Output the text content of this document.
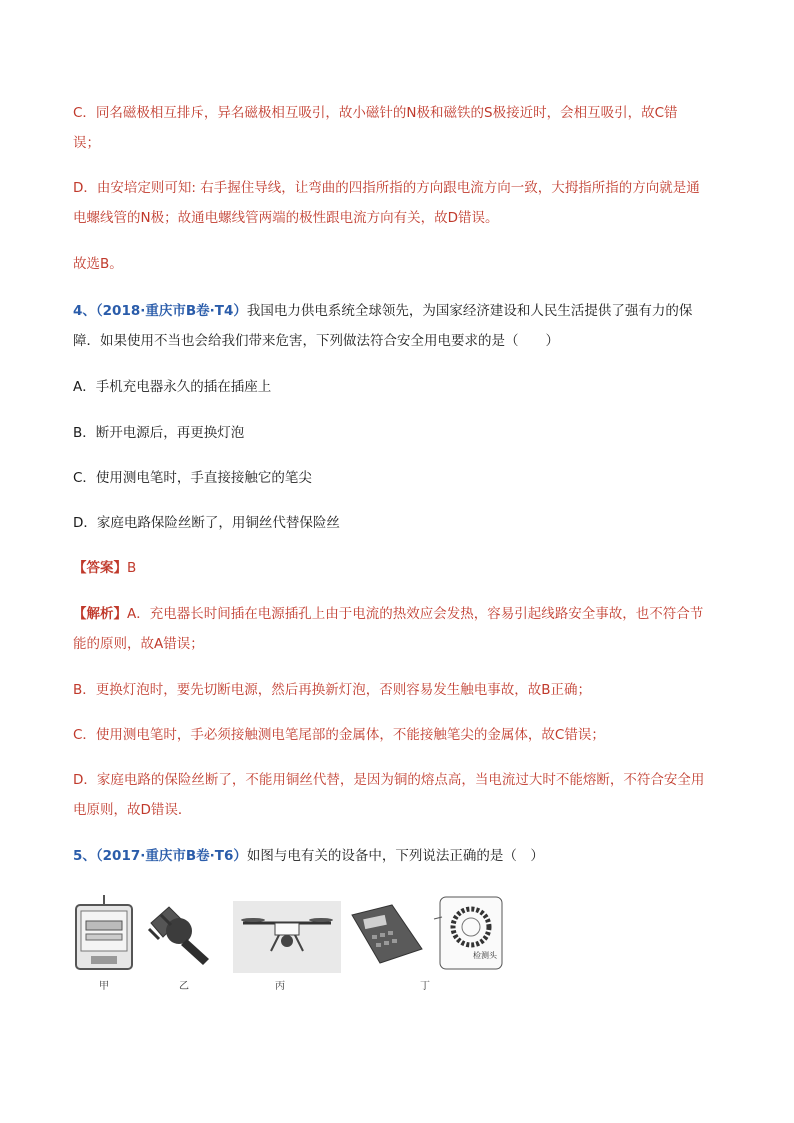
C．同名磁极相互排斥，异名磁极相互吸引，故小磁针的N极和磁铁的S极接近时，会相互吸引，故C错
误；

D．由安培定则可知: 右手握住导线，让弯曲的四指所指的方向跟电流方向一致，大拇指所指的方向就是通
电螺线管的N极；故通电螺线管两端的极性跟电流方向有关，故D错误。

故选B。

4、（2018·重庆市B卷·T4）我国电力供电系统全球领先，为国家经济建设和人民生活提供了强有力的保
障．如果使用不当也会给我们带来危害，下列做法符合安全用电要求的是（　　）

A．手机充电器永久的插在插座上

B．断开电源后，再更换灯泡

C．使用测电笔时，手直接接触它的笔尖

D．家庭电路保险丝断了，用铜丝代替保险丝

【答案】B

【解析】A．充电器长时间插在电源插孔上由于电流的热效应会发热，容易引起线路安全事故，也不符合节
能的原则，故A错误；

B．更换灯泡时，要先切断电源，然后再换新灯泡，否则容易发生触电事故，故B正确；

C．使用测电笔时，手必须接触测电笔尾部的金属体，不能接触笔尖的金属体，故C错误；

D．家庭电路的保险丝断了，不能用铜丝代替，是因为铜的熔点高，当电流过大时不能熔断，不符合安全用
电原则，故D错误．

5、（2017·重庆市B卷·T6）如图与电有关的设备中，下列说法正确的是（　）

甲	乙	丙
检测头
丁
